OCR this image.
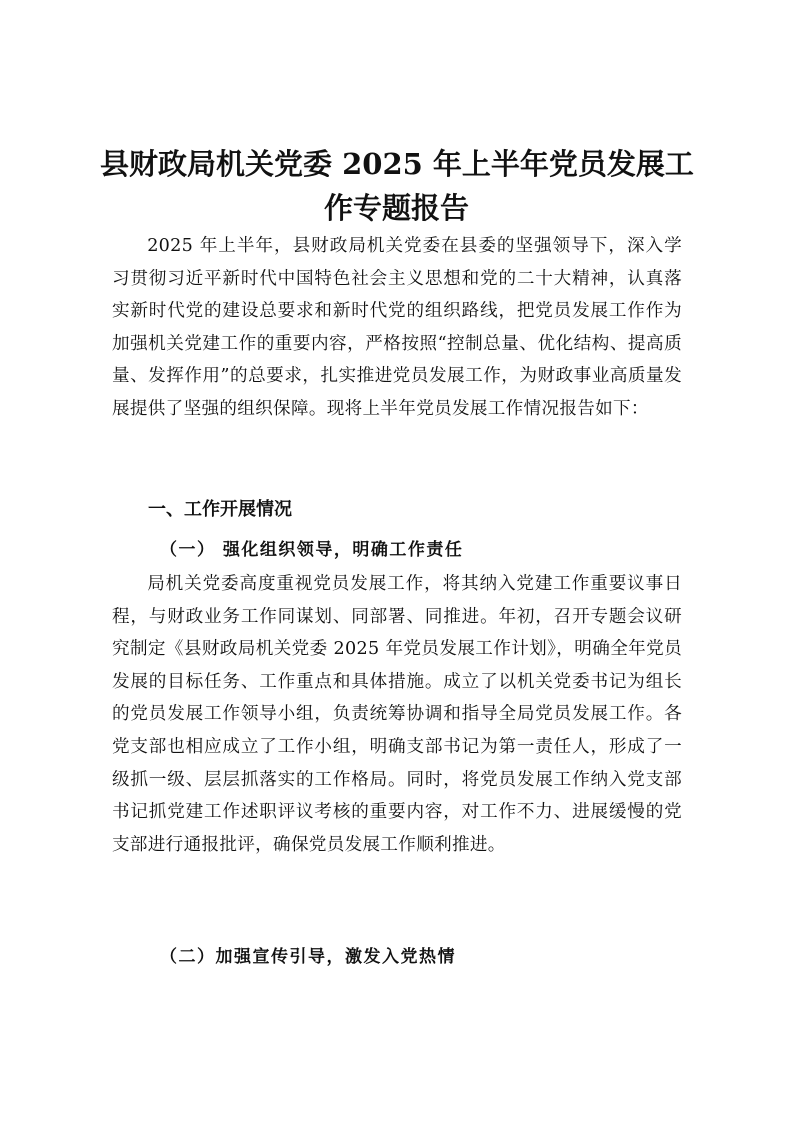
县财政局机关党委 2025 年上半年党员发展工
作专题报告

2025 年上半年，县财政局机关党委在县委的坚强领导下，深入学习贯彻习近平新时代中国特色社会主义思想和党的二十大精神，认真落实新时代党的建设总要求和新时代党的组织路线，把党员发展工作作为加强机关党建工作的重要内容，严格按照“控制总量、优化结构、提高质量、发挥作用”的总要求，扎实推进党员发展工作，为财政事业高质量发展提供了坚强的组织保障。现将上半年党员发展工作情况报告如下：

一、工作开展情况
（一） 强化组织领导，明确工作责任

局机关党委高度重视党员发展工作，将其纳入党建工作重要议事日程，与财政业务工作同谋划、同部署、同推进。年初，召开专题会议研究制定《县财政局机关党委 2025 年党员发展工作计划》，明确全年党员发展的目标任务、工作重点和具体措施。成立了以机关党委书记为组长的党员发展工作领导小组，负责统筹协调和指导全局党员发展工作。各党支部也相应成立了工作小组，明确支部书记为第一责任人，形成了一级抓一级、层层抓落实的工作格局。同时，将党员发展工作纳入党支部书记抓党建工作述职评议考核的重要内容，对工作不力、进展缓慢的党支部进行通报批评，确保党员发展工作顺利推进。

（二）加强宣传引导，激发入党热情
